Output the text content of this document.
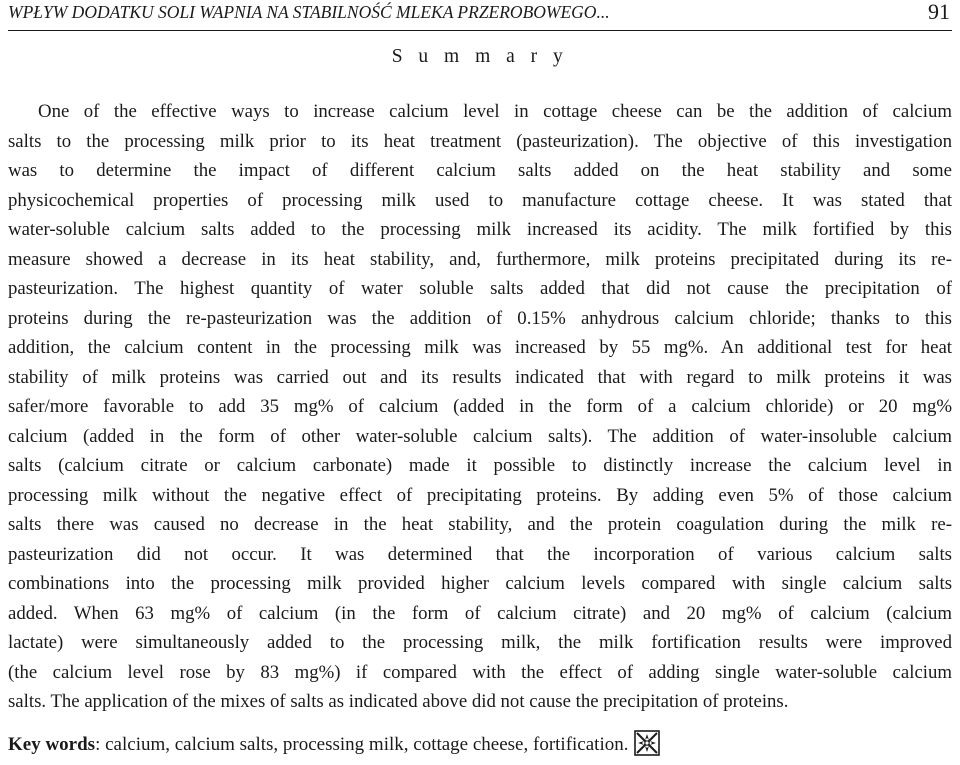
WPŁYW DODATKU SOLI WAPNIA NA STABILNOŚĆ MLEKA PRZEROBOWEGO...	91
S u m m a r y
One of the effective ways to increase calcium level in cottage cheese can be the addition of calcium
salts to the processing milk prior to its heat treatment (pasteurization). The objective of this investigation
was to determine the impact of different calcium salts added on the heat stability and some
physicochemical properties of processing milk used to manufacture cottage cheese. It was stated that
water-soluble calcium salts added to the processing milk increased its acidity. The milk fortified by this
measure showed a decrease in its heat stability, and, furthermore, milk proteins precipitated during its re-
pasteurization. The highest quantity of water soluble salts added that did not cause the precipitation of
proteins during the re-pasteurization was the addition of 0.15% anhydrous calcium chloride; thanks to this
addition, the calcium content in the processing milk was increased by 55 mg%. An additional test for heat
stability of milk proteins was carried out and its results indicated that with regard to milk proteins it was
safer/more favorable to add 35 mg% of calcium (added in the form of a calcium chloride) or 20 mg%
calcium (added in the form of other water-soluble calcium salts). The addition of water-insoluble calcium
salts (calcium citrate or calcium carbonate) made it possible to distinctly increase the calcium level in
processing milk without the negative effect of precipitating proteins. By adding even 5% of those calcium
salts there was caused no decrease in the heat stability, and the protein coagulation during the milk re-
pasteurization did not occur. It was determined that the incorporation of various calcium salts
combinations into the processing milk provided higher calcium levels compared with single calcium salts
added. When 63 mg% of calcium (in the form of calcium citrate) and 20 mg% of calcium (calcium
lactate) were simultaneously added to the processing milk, the milk fortification results were improved
(the calcium level rose by 83 mg%) if compared with the effect of adding single water-soluble calcium
salts. The application of the mixes of salts as indicated above did not cause the precipitation of proteins.
Key words: calcium, calcium salts, processing milk, cottage cheese, fortification.
